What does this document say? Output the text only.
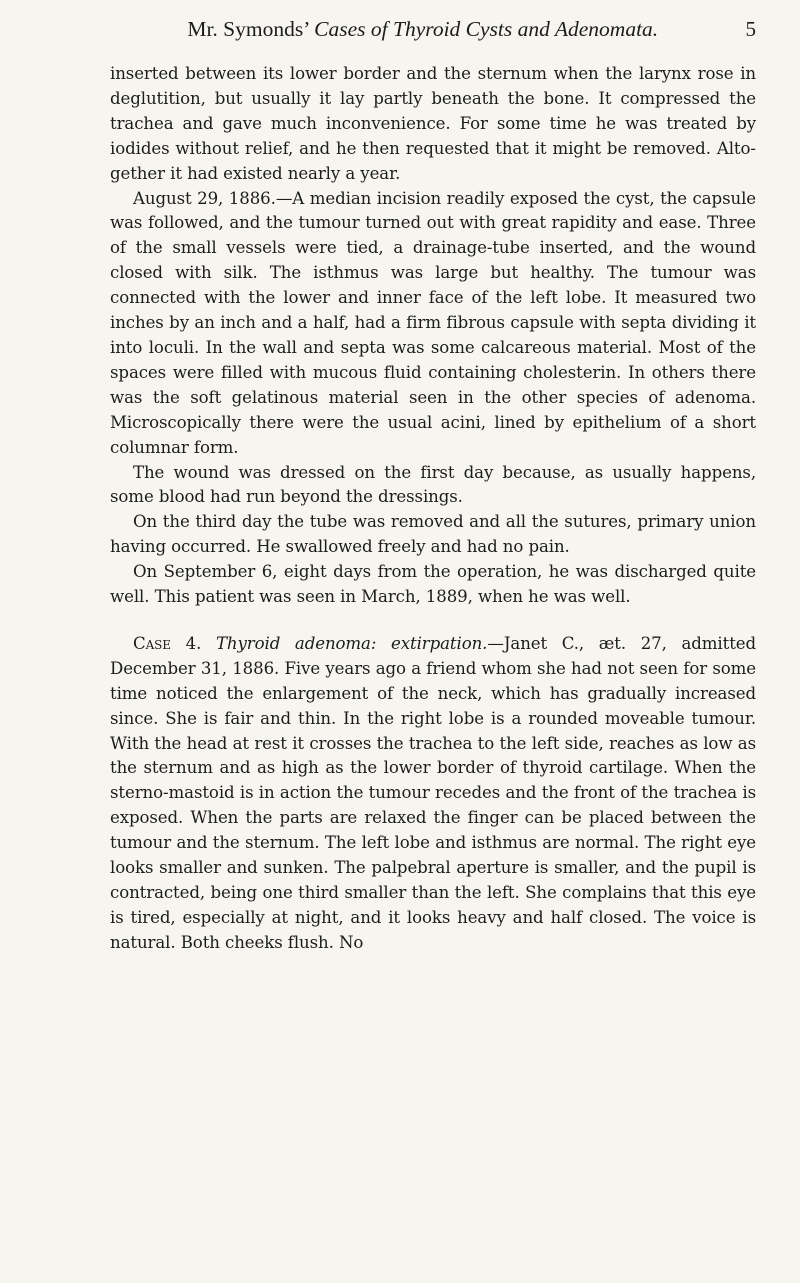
Mr. Symonds’ Cases of Thyroid Cysts and Adenomata.	5

inserted between its lower border and the sternum when the larynx rose in deglutition, but usually it lay partly beneath the bone. It compressed the trachea and gave much inconvenience. For some time he was treated by iodides without relief, and he then requested that it might be removed. Altogether it had existed nearly a year.

August 29, 1886.—A median incision readily exposed the cyst, the capsule was followed, and the tumour turned out with great rapidity and ease. Three of the small vessels were tied, a drainage-tube inserted, and the wound closed with silk. The isthmus was large but healthy. The tumour was connected with the lower and inner face of the left lobe. It measured two inches by an inch and a half, had a firm fibrous capsule with septa dividing it into loculi. In the wall and septa was some calcareous material. Most of the spaces were filled with mucous fluid containing cholesterin. In others there was the soft gelatinous material seen in the other species of adenoma. Microscopically there were the usual acini, lined by epithelium of a short columnar form.

The wound was dressed on the first day because, as usually happens, some blood had run beyond the dressings.

On the third day the tube was removed and all the sutures, primary union having occurred. He swallowed freely and had no pain.

On September 6, eight days from the operation, he was discharged quite well. This patient was seen in March, 1889, when he was well.

Case 4. Thyroid adenoma: extirpation.—Janet C., æt. 27, admitted December 31, 1886. Five years ago a friend whom she had not seen for some time noticed the enlargement of the neck, which has gradually increased since. She is fair and thin. In the right lobe is a rounded moveable tumour. With the head at rest it crosses the trachea to the left side, reaches as low as the sternum and as high as the lower border of thyroid cartilage. When the sterno-mastoid is in action the tumour recedes and the front of the trachea is exposed. When the parts are relaxed the finger can be placed between the tumour and the sternum. The left lobe and isthmus are normal. The right eye looks smaller and sunken. The palpebral aperture is smaller, and the pupil is contracted, being one third smaller than the left. She complains that this eye is tired, especially at night, and it looks heavy and half closed. The voice is natural. Both cheeks flush. No
